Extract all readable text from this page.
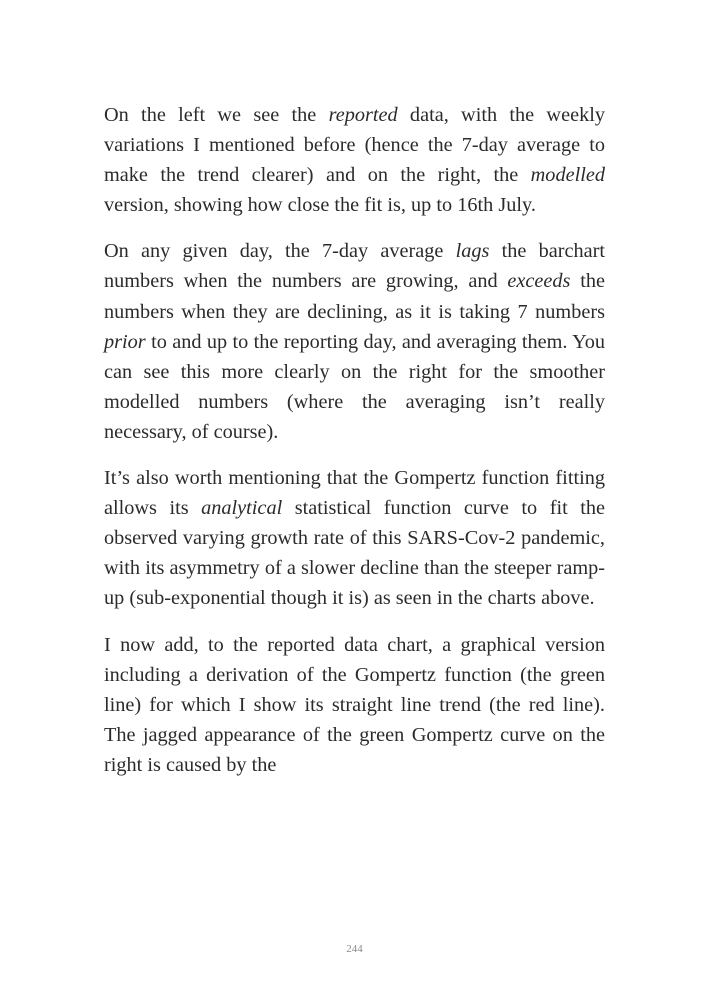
On the left we see the reported data, with the weekly variations I mentioned before (hence the 7-day average to make the trend clearer) and on the right, the modelled version, showing how close the fit is, up to 16th July.

On any given day, the 7-day average lags the barchart numbers when the numbers are growing, and exceeds the numbers when they are declining, as it is taking 7 numbers prior to and up to the reporting day, and averaging them. You can see this more clearly on the right for the smoother modelled numbers (where the averaging isn’t really necessary, of course).

It’s also worth mentioning that the Gompertz function fitting allows its analytical statistical function curve to fit the observed varying growth rate of this SARS-Cov-2 pandemic, with its asymmetry of a slower decline than the steeper ramp-up (sub-exponential though it is) as seen in the charts above.

I now add, to the reported data chart, a graphical version including a derivation of the Gompertz function (the green line) for which I show its straight line trend (the red line). The jagged appearance of the green Gompertz curve on the right is caused by the

244
